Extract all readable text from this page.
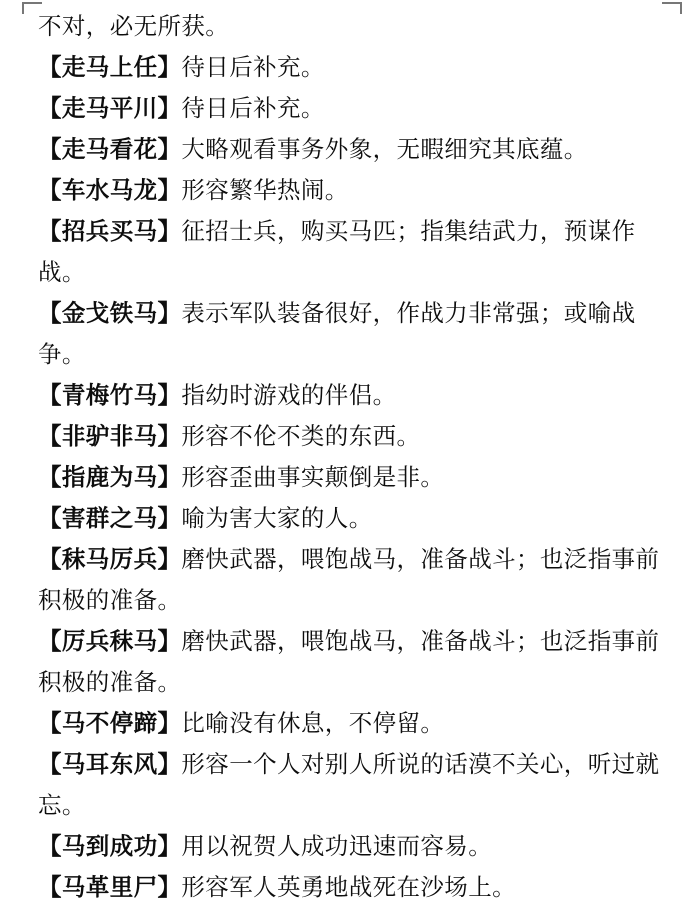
不对，必无所获。

【走马上任】待日后补充。

【走马平川】待日后补充。

【走马看花】大略观看事务外象，无暇细究其底蕴。

【车水马龙】形容繁华热闹。

【招兵买马】征招士兵，购买马匹；指集结武力，预谋作战。

【金戈铁马】表示军队装备很好，作战力非常强；或喻战争。

【青梅竹马】指幼时游戏的伴侣。

【非驴非马】形容不伦不类的东西。

【指鹿为马】形容歪曲事实颠倒是非。

【害群之马】喻为害大家的人。

【秣马厉兵】磨快武器，喂饱战马，准备战斗；也泛指事前积极的准备。

【厉兵秣马】磨快武器，喂饱战马，准备战斗；也泛指事前积极的准备。

【马不停蹄】比喻没有休息，不停留。

【马耳东风】形容一个人对别人所说的话漠不关心，听过就忘。

【马到成功】用以祝贺人成功迅速而容易。

【马革里尸】形容军人英勇地战死在沙场上。
